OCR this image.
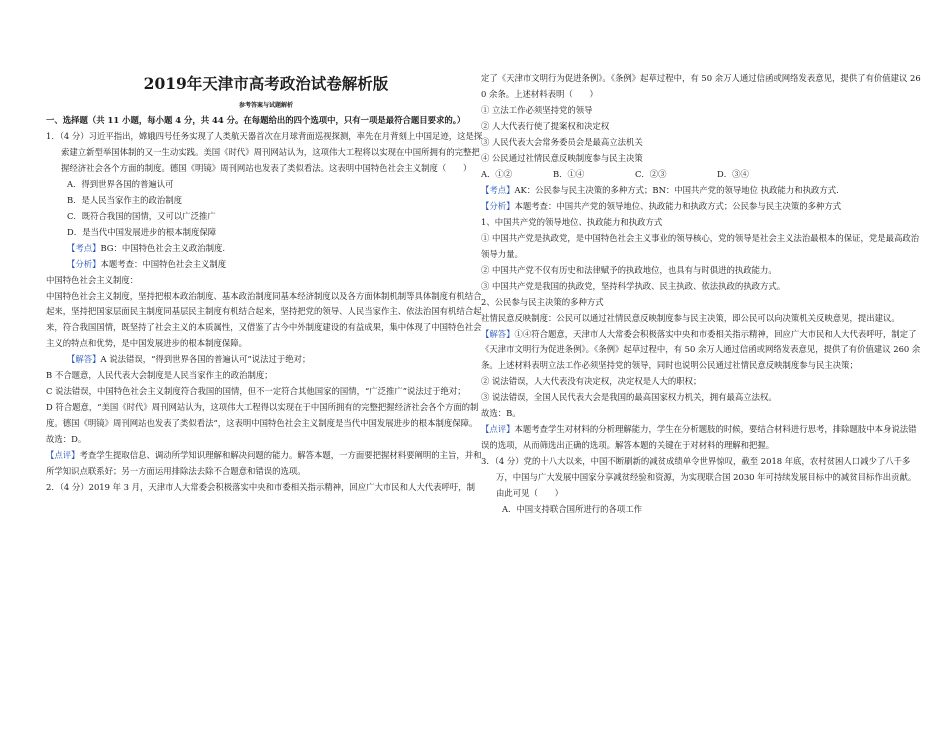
2019年天津市高考政治试卷解析版

参考答案与试题解析

一、选择题（共 11 小题，每小题 4 分，共 44 分。在每题给出的四个选项中，只有一项是最符合题目要求的。）

1．（4 分）习近平指出，嫦娥四号任务实现了人类航天器首次在月球背面巡视探测，率先在月背刻上中国足迹，这是探索建立新型举国体制的又一生动实践。美国《时代》周刊网站认为，这项伟大工程将以实现在中国所拥有的完整把握经济社会各个方面的制度。德国《明镜》周刊网站也发表了类似看法。这表明中国特色社会主义制度（　　）

A．得到世界各国的普遍认可

B．是人民当家作主的政治制度

C．既符合我国的国情，又可以广泛推广

D．是当代中国发展进步的根本制度保障

【考点】BG：中国特色社会主义政治制度.

【分析】本题考查：中国特色社会主义制度

中国特色社会主义制度：

中国特色社会主义制度，坚持把根本政治制度、基本政治制度同基本经济制度以及各方面体制机制等具体制度有机结合起来，坚持把国家层面民主制度同基层民主制度有机结合起来，坚持把党的领导、人民当家作主、依法治国有机结合起来，符合我国国情，既坚持了社会主义的本质属性，又借鉴了古今中外制度建设的有益成果，集中体现了中国特色社会主义的特点和优势，是中国发展进步的根本制度保障。

【解答】A 说法错误，“得到世界各国的普遍认可”说法过于绝对；

B 不合题意，人民代表大会制度是人民当家作主的政治制度；

C 说法错误，中国特色社会主义制度符合我国的国情，但不一定符合其他国家的国情，“广泛推广”说法过于绝对；

D 符合题意，“美国《时代》周刊网站认为，这项伟大工程得以实现在于中国所拥有的完整把握经济社会各个方面的制度。德国《明镜》周刊网站也发表了类似看法”，这表明中国特色社会主义制度是当代中国发展进步的根本制度保障。

故选：D。

【点评】考查学生提取信息、调动所学知识理解和解决问题的能力。解答本题，一方面要把握材料要阐明的主旨，并和所学知识点联系好；另一方面运用排除法去除不合题意和错误的选项。

2．（4 分）2019 年 3 月，天津市人大常委会积极落实中央和市委相关指示精神，回应广大市民和人大代表呼吁，制

定了《天津市文明行为促进条例》。《条例》起草过程中，有 50 余万人通过信函或网络发表意见，提供了有价值建议 260 余条。上述材料表明（　　）

① 立法工作必须坚持党的领导

② 人大代表行使了提案权和决定权

③ 人民代表大会常务委员会是最高立法机关

④ 公民通过社情民意反映制度参与民主决策

A．①②	B．①④	C．②③	D．③④

【考点】AK：公民参与民主决策的多种方式；BN：中国共产党的领导地位 执政能力和执政方式.

【分析】本题考查：中国共产党的领导地位、执政能力和执政方式；公民参与民主决策的多种方式

1、中国共产党的领导地位、执政能力和执政方式

① 中国共产党是执政党，是中国特色社会主义事业的领导核心，党的领导是社会主义法治最根本的保证，党是最高政治领导力量。

② 中国共产党不仅有历史和法律赋予的执政地位，也具有与时俱进的执政能力。

③ 中国共产党是我国的执政党，坚持科学执政、民主执政、依法执政的执政方式。

2、公民参与民主决策的多种方式

社情民意反映制度：公民可以通过社情民意反映制度参与民主决策，即公民可以向决策机关反映意见，提出建议。

【解答】①④符合题意，天津市人大常委会积极落实中央和市委相关指示精神，回应广大市民和人大代表呼吁，制定了《天津市文明行为促进条例》。《条例》起草过程中，有 50 余万人通过信函或网络发表意见，提供了有价值建议 260 余条。上述材料表明立法工作必须坚持党的领导，同时也说明公民通过社情民意反映制度参与民主决策；

② 说法错误，人大代表没有决定权，决定权是人大的职权；

③ 说法错误，全国人民代表大会是我国的最高国家权力机关，拥有最高立法权。

故选：B。

【点评】本题考查学生对材料的分析理解能力，学生在分析题肢的时候，要结合材料进行思考，排除题肢中本身说法错误的选项，从而筛选出正确的选项。解答本题的关键在于对材料的理解和把握。

3．（4 分）党的十八大以来，中国不断刷新的减贫成绩单令世界惊叹，截至 2018 年底，农村贫困人口减少了八千多万，中国与广大发展中国家分享减贫经验和资源，为实现联合国 2030 年可持续发展目标中的减贫目标作出贡献。由此可见（　　）

A．中国支持联合国所进行的各项工作
